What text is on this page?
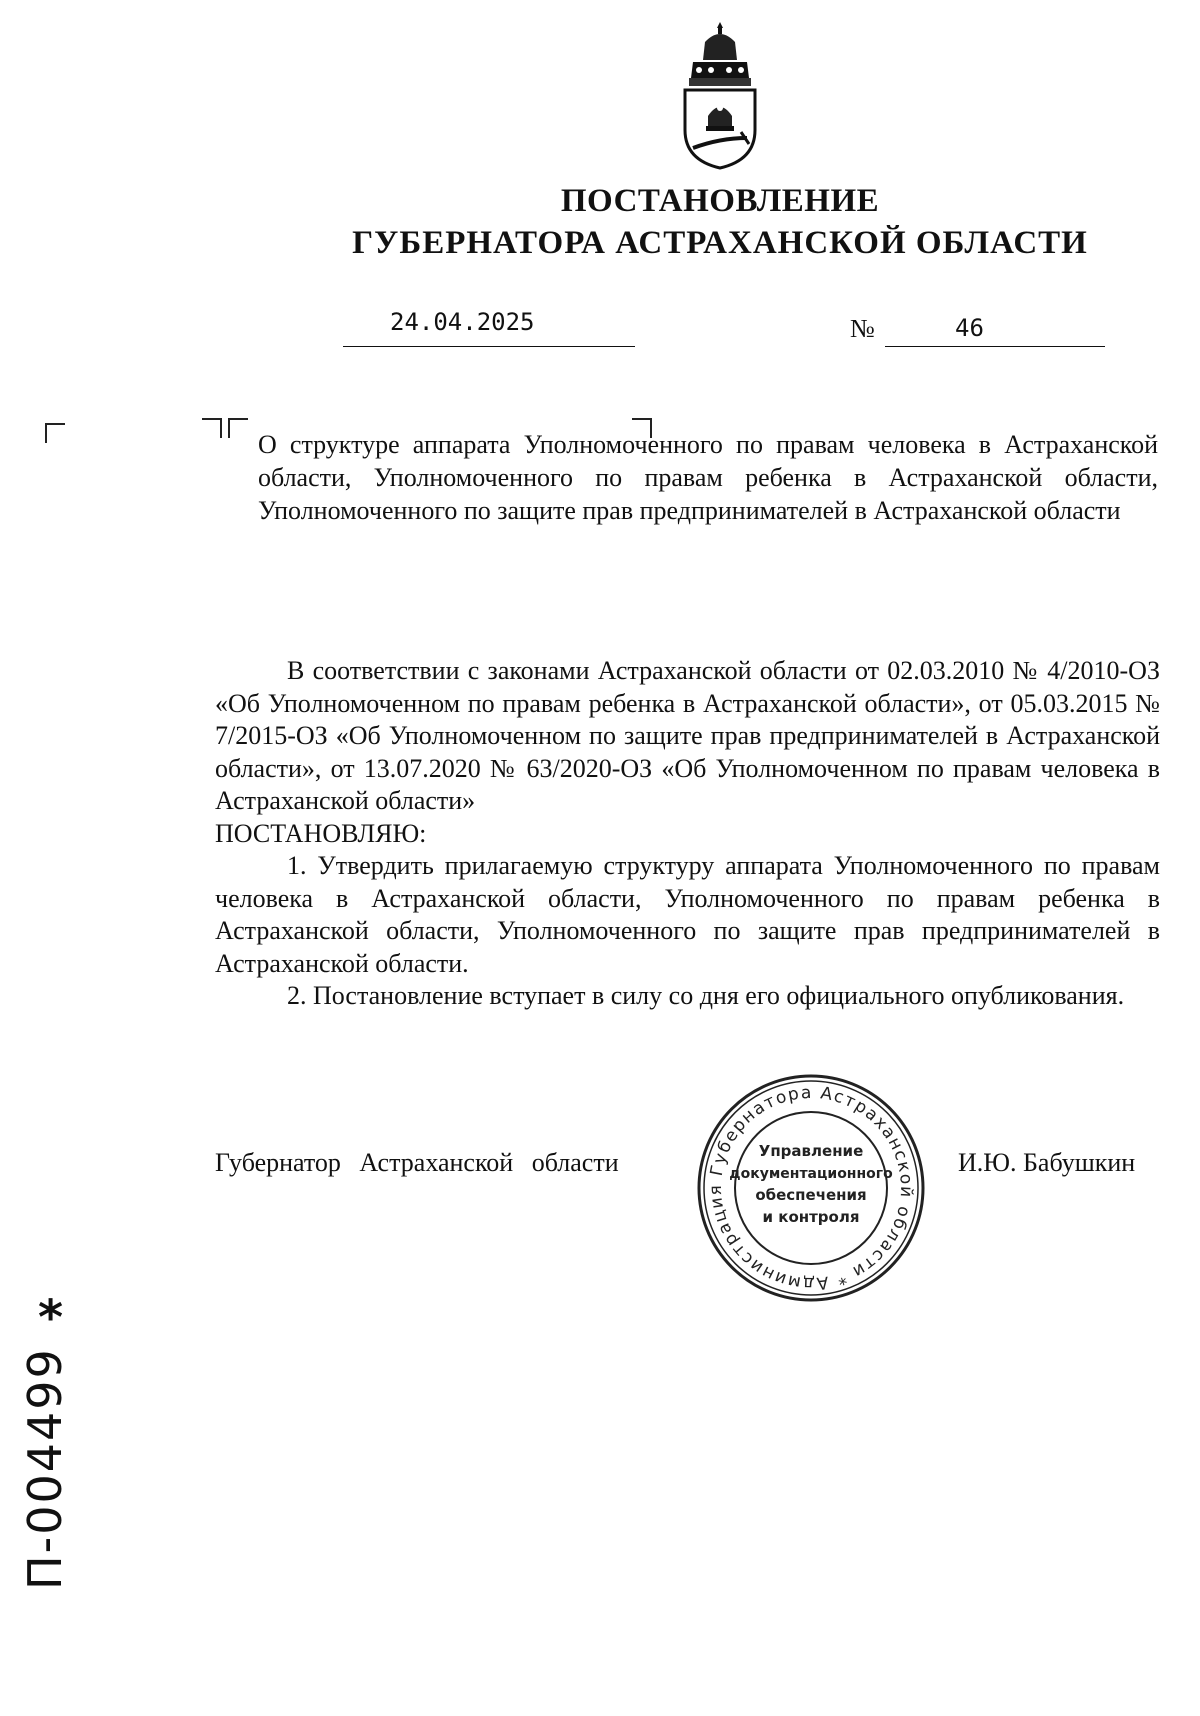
ПОСТАНОВЛЕНИЕ
ГУБЕРНАТОРА АСТРАХАНСКОЙ ОБЛАСТИ
24.04.2025	№	46
О структуре аппарата Уполномоченного по правам человека в Астраханской области, Уполномоченного по правам ребенка в Астраханской области, Уполномоченного по защите прав предпринимателей в Астраханской области

В соответствии с законами Астраханской области от 02.03.2010 № 4/2010-ОЗ «Об Уполномоченном по правам ребенка в Астраханской области», от 05.03.2015 № 7/2015-ОЗ «Об Уполномоченном по защите прав предпринимателей в Астраханской области», от 13.07.2020 № 63/2020-ОЗ «Об Уполномоченном по правам человека в Астраханской области»

ПОСТАНОВЛЯЮ:

1. Утвердить прилагаемую структуру аппарата Уполномоченного по правам человека в Астраханской области, Уполномоченного по правам ребенка в Астраханской области, Уполномоченного по защите прав предпринимателей в Астраханской области.

2. Постановление вступает в силу со дня его официального опубликования.

Губернатор Астраханской области	И.Ю. Бабушкин
Губернатора Астраханской области * Администрация
Управление
документационного
обеспечения
и контроля
*
П-004499
